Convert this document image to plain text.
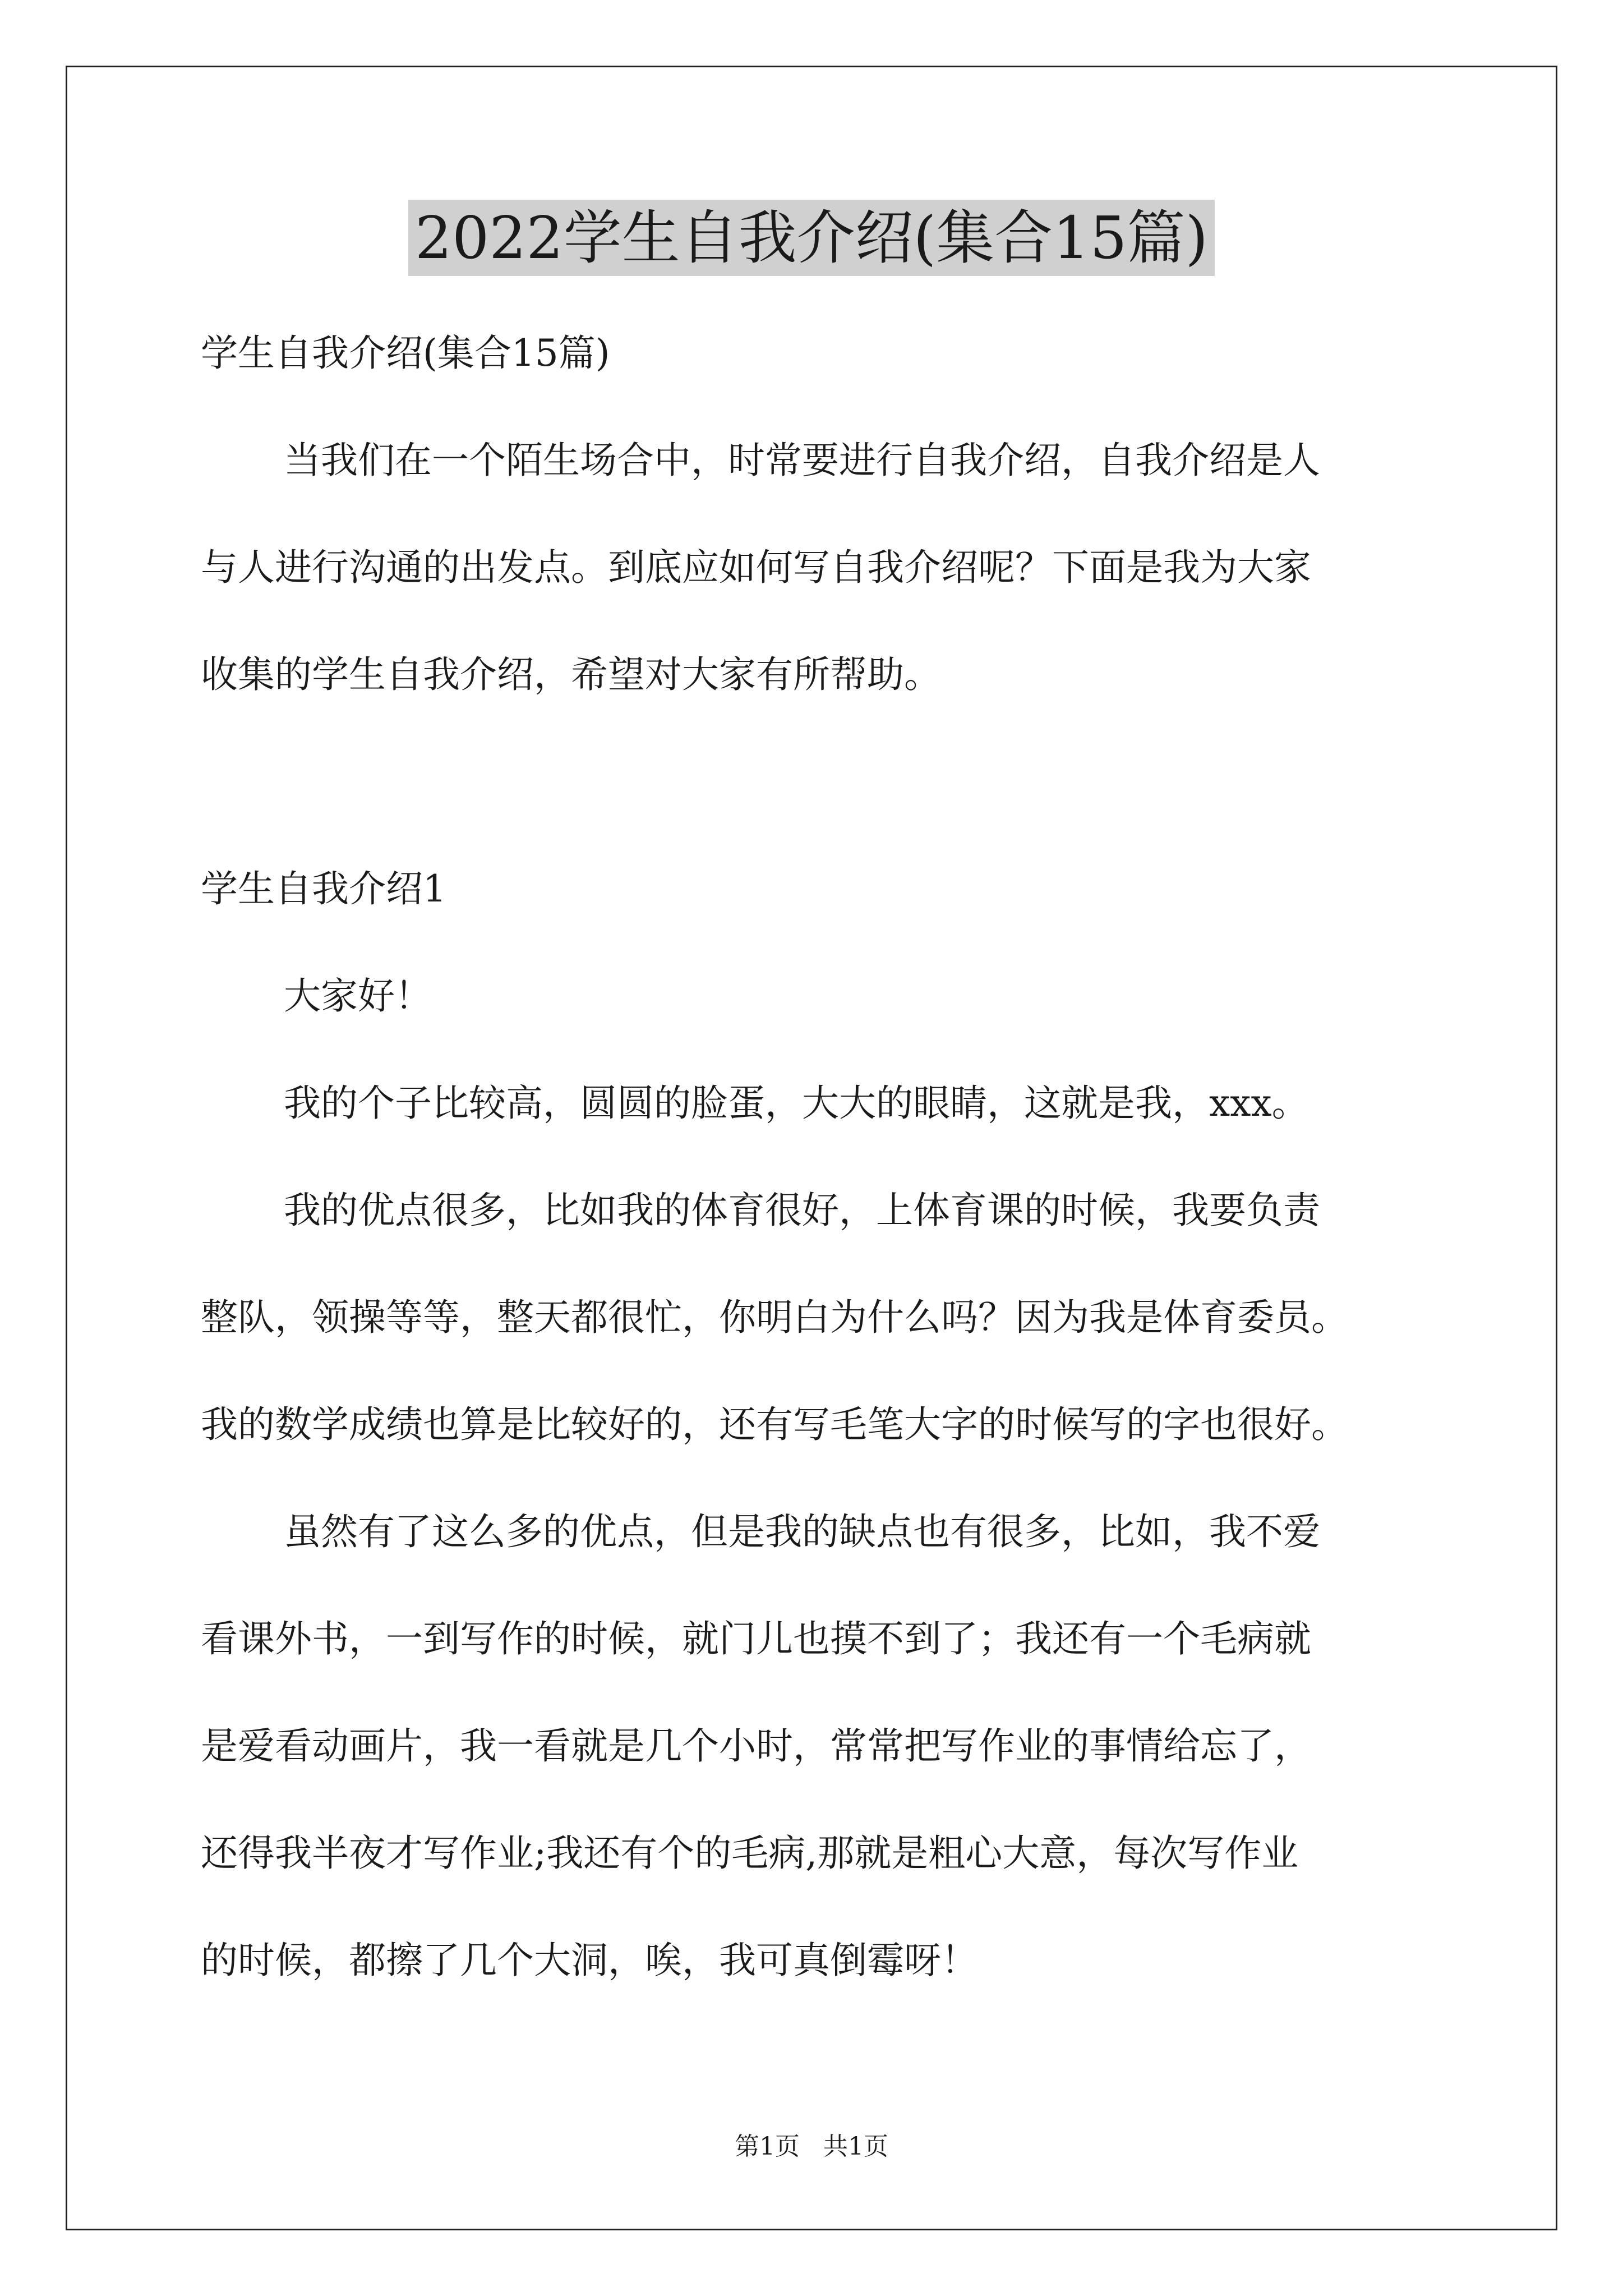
2022学生自我介绍(集合15篇)
学生自我介绍(集合15篇)
当我们在一个陌生场合中，时常要进行自我介绍，自我介绍是人
与人进行沟通的出发点。到底应如何写自我介绍呢？下面是我为大家
收集的学生自我介绍，希望对大家有所帮助。
学生自我介绍1
大家好！
我的个子比较高，圆圆的脸蛋，大大的眼睛，这就是我，xxx。
我的优点很多，比如我的体育很好，上体育课的时候，我要负责
整队，领操等等，整天都很忙，你明白为什么吗？因为我是体育委员。
我的数学成绩也算是比较好的，还有写毛笔大字的时候写的字也很好。
虽然有了这么多的优点，但是我的缺点也有很多，比如，我不爱
看课外书，一到写作的时候，就门儿也摸不到了；我还有一个毛病就
是爱看动画片，我一看就是几个小时，常常把写作业的事情给忘了，
还得我半夜才写作业;我还有个的毛病,那就是粗心大意，每次写作业
的时候，都擦了几个大洞，唉，我可真倒霉呀！
第1页   共1页
